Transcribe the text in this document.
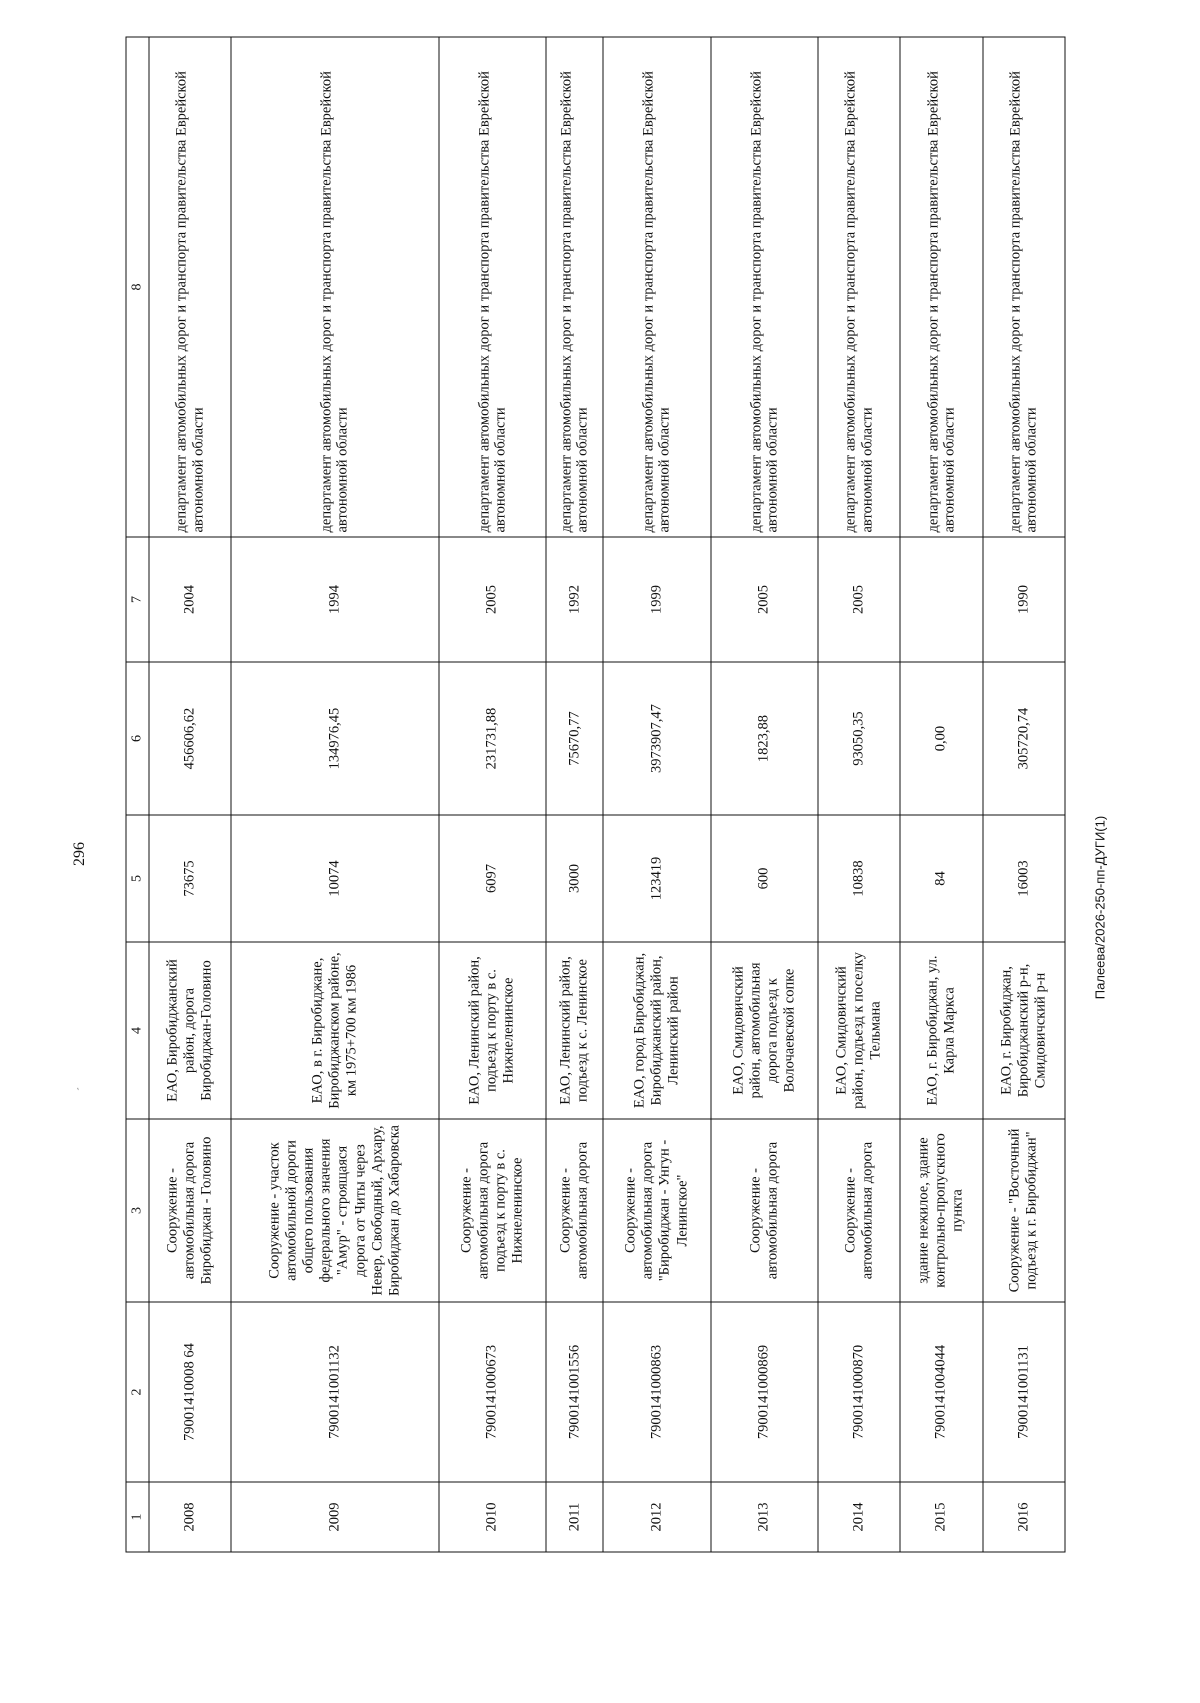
296
ʹ
Палеева/2026-250-пп-ДУГИ(1)
1	2	3	4	5	6	7	8
2008	79001410008 64	Сооружение - автомобильная дорога Биробиджан - Головино	ЕАО, Биробиджанский район, дорога Биробиджан-Головино	73675	456606,62	2004	департамент автомобильных дорог и транспорта правительства Еврейской автономной области
2009	7900141001132	Сооружение - участок автомобильной дороги общего пользования федерального значения "Амур" - строящаяся дорога от Читы через Невер, Свободный, Архару, Биробиджан до Хабаровска	ЕАО, в г. Биробиджане, Биробиджанском районе, км 1975+700 км 1986	10074	134976,45	1994	департамент автомобильных дорог и транспорта правительства Еврейской автономной области
2010	7900141000673	Сооружение - автомобильная дорога подъезд к порту в с. Нижнеленинское	ЕАО, Ленинский район, подъезд к порту в с. Нижнеленинское	6097	231731,88	2005	департамент автомобильных дорог и транспорта правительства Еврейской автономной области
2011	7900141001556	Сооружение - автомобильная дорога	ЕАО, Ленинский район, подъезд к с. Ленинское	3000	75670,77	1992	департамент автомобильных дорог и транспорта правительства Еврейской автономной области
2012	7900141000863	Сооружение - автомобильная дорога "Биробиджан - Унгун - Ленинское"	ЕАО, город Биробиджан, Биробиджанский район, Ленинский район	123419	3973907,47	1999	департамент автомобильных дорог и транспорта правительства Еврейской автономной области
2013	7900141000869	Сооружение - автомобильная дорога	ЕАО, Смидовичский район, автомобильная дорога подъезд к Волочаевской сопке	600	1823,88	2005	департамент автомобильных дорог и транспорта правительства Еврейской автономной области
2014	7900141000870	Сооружение - автомобильная дорога	ЕАО, Смидовичский район, подъезд к поселку Тельмана	10838	93050,35	2005	департамент автомобильных дорог и транспорта правительства Еврейской автономной области
2015	7900141004044	здание нежилое, здание контрольно-пропускного пункта	ЕАО, г. Биробиджан, ул. Карла Маркса	84	0,00		департамент автомобильных дорог и транспорта правительства Еврейской автономной области
2016	7900141001131	Сооружение - "Восточный подъезд к г. Биробиджан"	ЕАО, г. Биробиджан, Биробиджанский р-н, Смидовичский р-н	16003	305720,74	1990	департамент автомобильных дорог и транспорта правительства Еврейской автономной области
